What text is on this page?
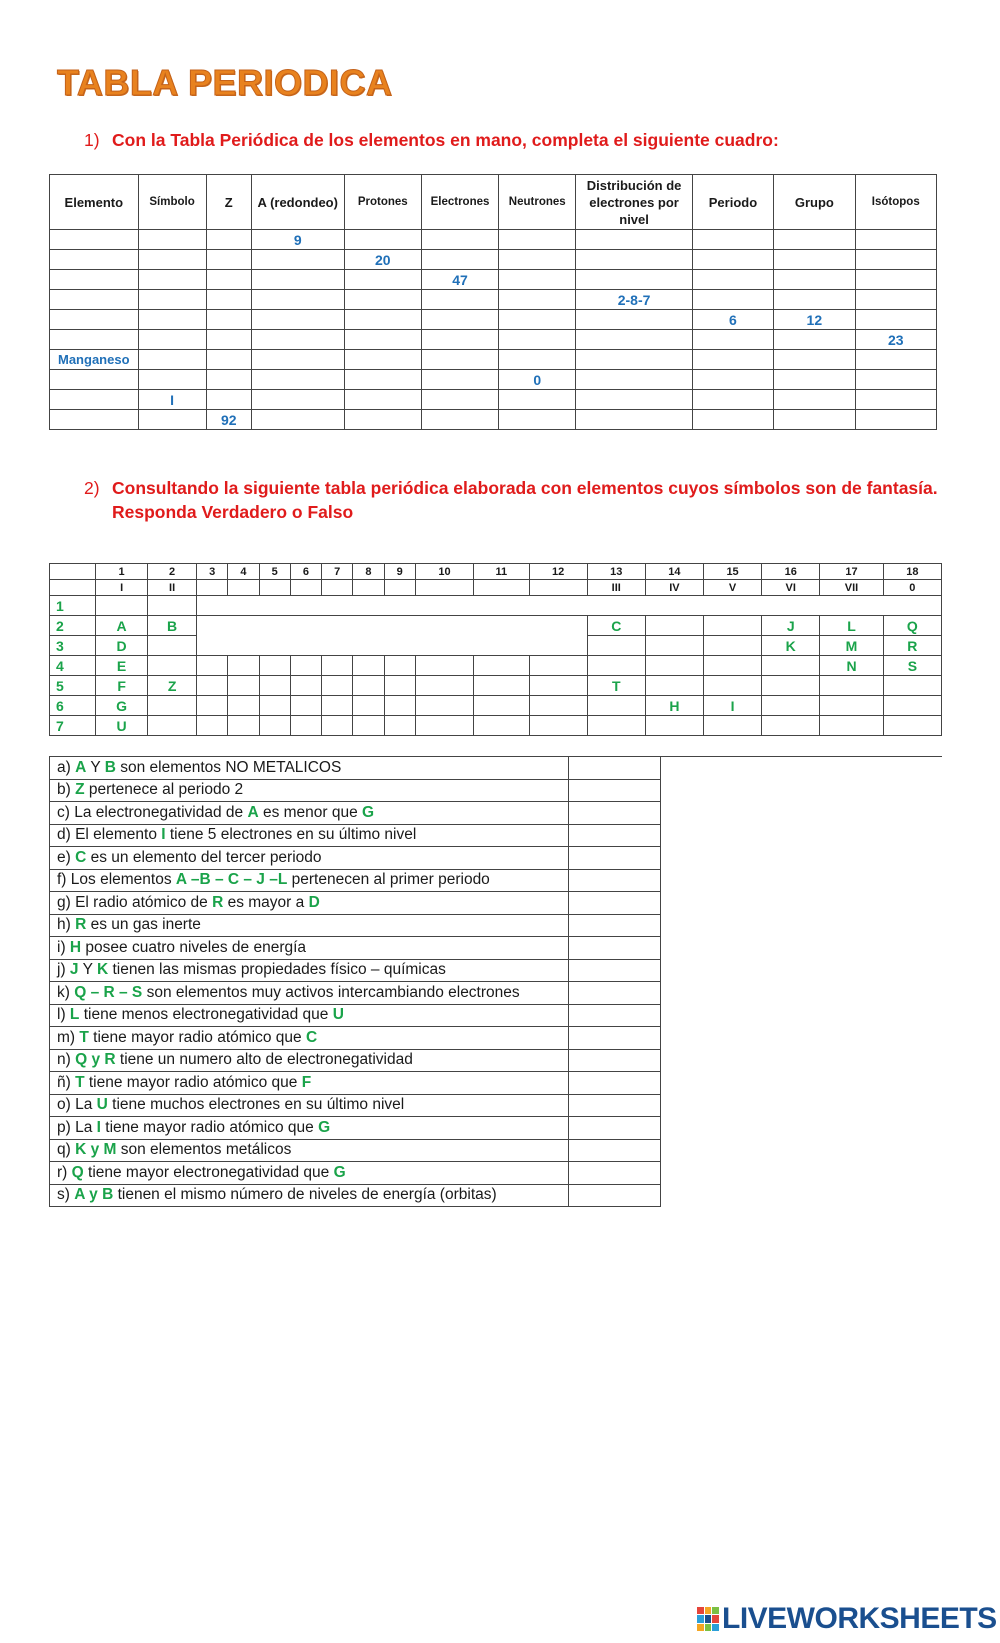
TABLA PERIODICA
1) Con la Tabla Periódica de los elementos en mano, completa el siguiente cuadro:
Elemento	Símbolo	Z	A (redondeo)	Protones	Electrones	Neutrones	Distribución de electrones por nivel	Periodo	Grupo	Isótopos
			9							
				20						
					47					
							2-8-7			
								6	12	
										23
Manganeso										
						0				
	I									
		92								
2) Consultando la siguiente tabla periódica elaborada con elementos cuyos símbolos son de fantasía.
Responda Verdadero o Falso
	1	2	3	4	5	6	7	8	9	10	11	12	13	14	15	16	17	18
	I	II											III	IV	V	VI	VII	0
1																		
2	A	B											C			J	L	Q
3	D															K	M	R
4	E																N	S
5	F	Z											T					
6	G													H	I			
7	U																	
a) A Y B son elementos NO METALICOS	
b) Z pertenece al periodo 2	
c) La electronegatividad de A es menor que G	
d) El elemento I tiene 5 electrones en su último nivel	
e) C es un elemento del tercer periodo	
f) Los elementos A –B – C – J –L pertenecen al primer periodo	
g) El radio atómico de R es mayor a D	
h) R es un gas inerte	
i) H posee cuatro niveles de energía	
j) J Y K tienen las mismas propiedades físico – químicas	
k) Q – R – S son elementos muy activos intercambiando electrones	
l) L tiene menos electronegatividad que U	
m) T tiene mayor radio atómico que C	
n) Q y R tiene un numero alto de electronegatividad	
ñ) T tiene mayor radio atómico que F	
o) La U tiene muchos electrones en su último nivel	
p) La I tiene mayor radio atómico que G	
q) K y M son elementos metálicos	
r) Q tiene mayor electronegatividad que G	
s) A y B tienen el mismo número de niveles de energía (orbitas)	
LIVEWORKSHEETS
